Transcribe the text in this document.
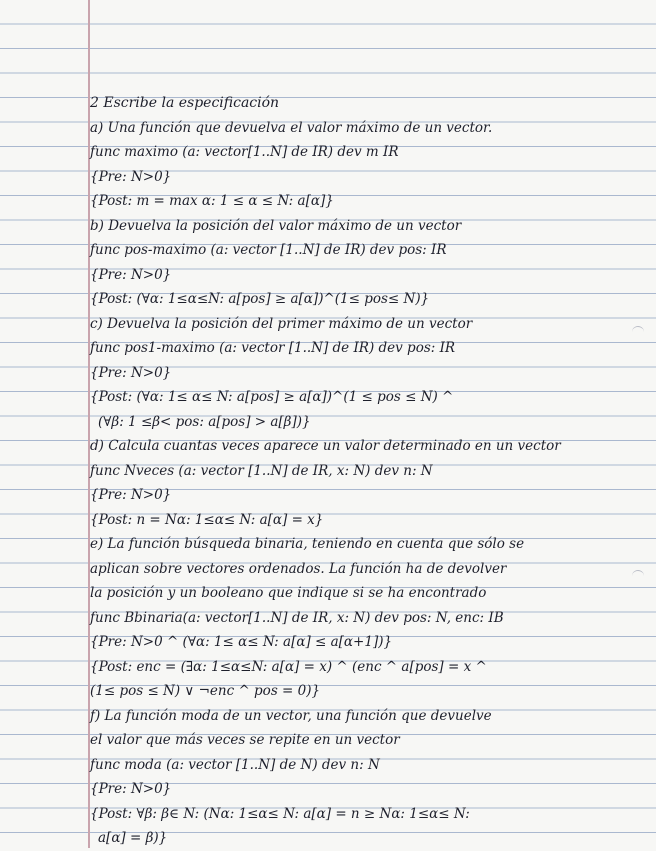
2 Escribe la especificación
a) Una función que devuelva el valor máximo de un vector.
func maximo (a: vector[1..N] de IR) dev m IR
{Pre: N>0}
{Post: m = max α: 1 ≤ α ≤ N: a[α]}
b) Devuelva la posición del valor máximo de un vector
func pos-maximo (a: vector [1..N] de IR) dev pos: IR
{Pre: N>0}
{Post: (∀α: 1≤α≤N: a[pos] ≥ a[α])^(1≤ pos≤ N)}
c) Devuelva la posición del primer máximo de un vector
func pos1-maximo (a: vector [1..N] de IR) dev pos: IR
{Pre: N>0}
{Post: (∀α: 1≤ α≤ N: a[pos] ≥ a[α])^(1 ≤ pos ≤ N) ^
(∀β: 1 ≤β< pos: a[pos] > a[β])}
d) Calcula cuantas veces aparece un valor determinado en un vector
func Nveces (a: vector [1..N] de IR, x: N) dev n: N
{Pre: N>0}
{Post: n = Nα: 1≤α≤ N: a[α] = x}
e) La función búsqueda binaria, teniendo en cuenta que sólo se
aplican sobre vectores ordenados. La función ha de devolver
la posición y un booleano que indique si se ha encontrado
func Bbinaria(a: vector[1..N] de IR, x: N) dev pos: N, enc: IB
{Pre: N>0 ^ (∀α: 1≤ α≤ N: a[α] ≤ a[α+1])}
{Post: enc = (∃α: 1≤α≤N: a[α] = x) ^ (enc ^ a[pos] = x ^
(1≤ pos ≤ N) ∨ ¬enc ^ pos = 0)}
f) La función moda de un vector, una función que devuelve
el valor que más veces se repite en un vector
func moda (a: vector [1..N] de N) dev n: N
{Pre: N>0}
{Post: ∀β: β∈ N: (Nα: 1≤α≤ N: a[α] = n ≥ Nα: 1≤α≤ N:
a[α] = β)}
